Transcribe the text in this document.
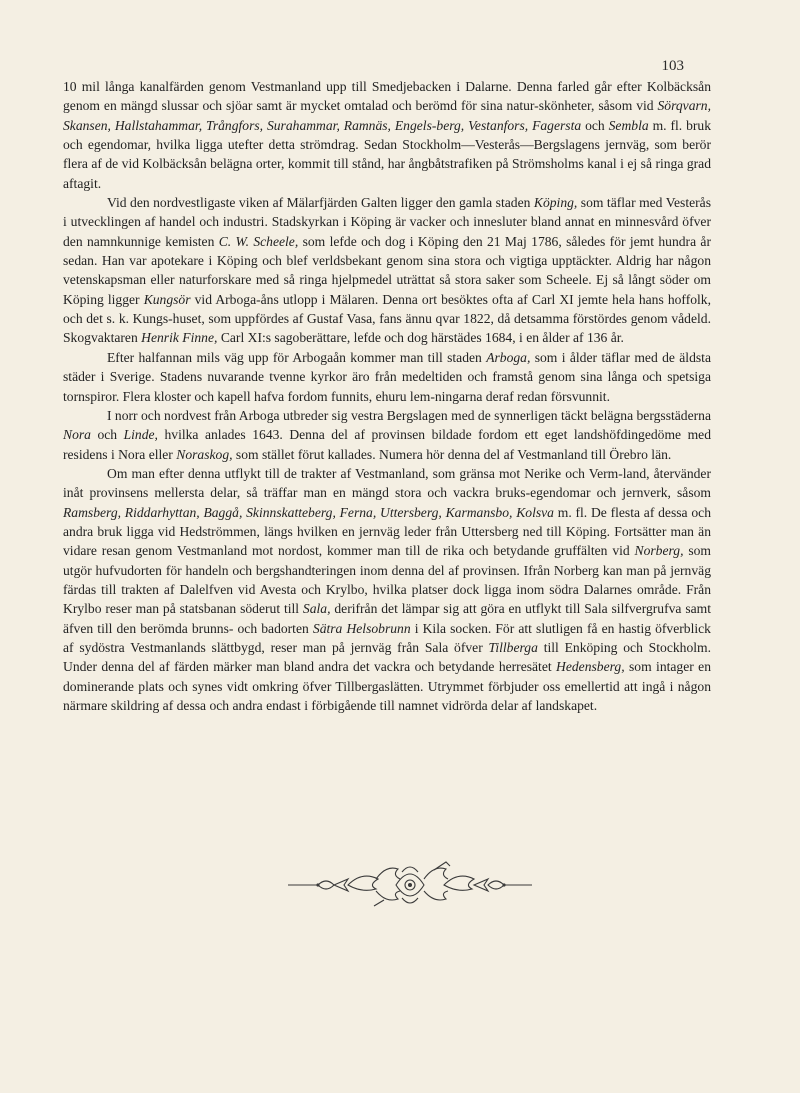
103

10 mil långa kanalfärden genom Vestmanland upp till Smedjebacken i Dalarne. Denna farled går efter Kolbäcksån genom en mängd slussar och sjöar samt är mycket omtalad och berömd för sina natur-skönheter, såsom vid Sörqvarn, Skansen, Hallstahammar, Trångfors, Surahammar, Ramnäs, Engels-berg, Vestanfors, Fagersta och Sembla m. fl. bruk och egendomar, hvilka ligga utefter detta strömdrag. Sedan Stockholm—Vesterås—Bergslagens jernväg, som berör flera af de vid Kolbäcksån belägna orter, kommit till stånd, har ångbåtstrafiken på Strömsholms kanal i ej så ringa grad aftagit.

Vid den nordvestligaste viken af Mälarfjärden Galten ligger den gamla staden Köping, som täflar med Vesterås i utvecklingen af handel och industri. Stadskyrkan i Köping är vacker och innesluter bland annat en minnesvård öfver den namnkunnige kemisten C. W. Scheele, som lefde och dog i Köping den 21 Maj 1786, således för jemt hundra år sedan. Han var apotekare i Köping och blef verldsbekant genom sina stora och vigtiga upptäckter. Aldrig har någon vetenskapsman eller naturforskare med så ringa hjelpmedel uträttat så stora saker som Scheele. Ej så långt söder om Köping ligger Kungsör vid Arboga-åns utlopp i Mälaren. Denna ort besöktes ofta af Carl XI jemte hela hans hoffolk, och det s. k. Kungs-huset, som uppfördes af Gustaf Vasa, fans ännu qvar 1822, då detsamma förstördes genom vådeld. Skogvaktaren Henrik Finne, Carl XI:s sagoberättare, lefde och dog härstädes 1684, i en ålder af 136 år.

Efter halfannan mils väg upp för Arbogaån kommer man till staden Arboga, som i ålder täflar med de äldsta städer i Sverige. Stadens nuvarande tvenne kyrkor äro från medeltiden och framstå genom sina långa och spetsiga tornspiror. Flera kloster och kapell hafva fordom funnits, ehuru lem-ningarna deraf redan försvunnit.

I norr och nordvest från Arboga utbreder sig vestra Bergslagen med de synnerligen täckt belägna bergsstäderna Nora och Linde, hvilka anlades 1643. Denna del af provinsen bildade fordom ett eget landshöfdingedöme med residens i Nora eller Noraskog, som stället förut kallades. Numera hör denna del af Vestmanland till Örebro län.

Om man efter denna utflykt till de trakter af Vestmanland, som gränsa mot Nerike och Verm-land, återvänder inåt provinsens mellersta delar, så träffar man en mängd stora och vackra bruks-egendomar och jernverk, såsom Ramsberg, Riddarhyttan, Baggå, Skinnskatteberg, Ferna, Uttersberg, Karmansbo, Kolsva m. fl. De flesta af dessa och andra bruk ligga vid Hedströmmen, längs hvilken en jernväg leder från Uttersberg ned till Köping. Fortsätter man än vidare resan genom Vestmanland mot nordost, kommer man till de rika och betydande gruffälten vid Norberg, som utgör hufvudorten för handeln och bergshandteringen inom denna del af provinsen. Ifrån Norberg kan man på jernväg färdas till trakten af Dalelfven vid Avesta och Krylbo, hvilka platser dock ligga inom södra Dalarnes område. Från Krylbo reser man på statsbanan söderut till Sala, derifrån det lämpar sig att göra en utflykt till Sala silfvergrufva samt äfven till den berömda brunns- och badorten Sätra Helsobrunn i Kila socken. För att slutligen få en hastig öfverblick af sydöstra Vestmanlands slättbygd, reser man på jernväg från Sala öfver Tillberga till Enköping och Stockholm. Under denna del af färden märker man bland andra det vackra och betydande herresätet Hedensberg, som intager en dominerande plats och synes vidt omkring öfver Tillbergaslätten. Utrymmet förbjuder oss emellertid att ingå i någon närmare skildring af dessa och andra endast i förbigående till namnet vidrörda delar af landskapet.
